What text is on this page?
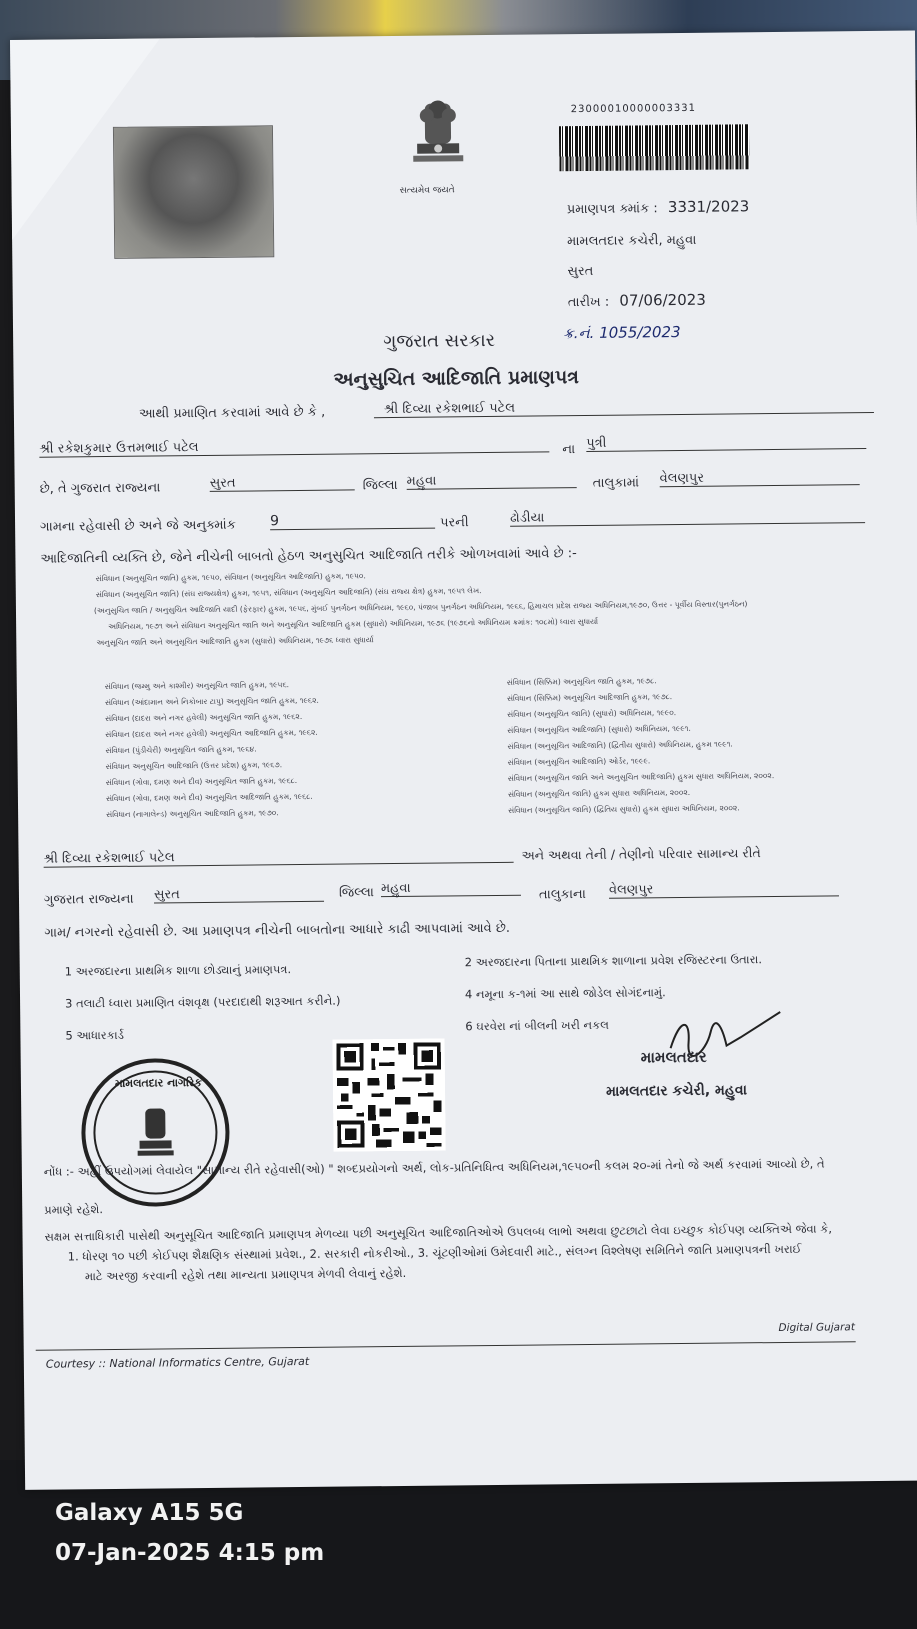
સત્યમેવ જયતે
23000010000003331
પ્રમાણપત્ર ક્માંક : 3331/2023
મામલતદાર કચેરી, મહુવા
સુરત
તારીખ : 07/06/2023
ક્ર.નં. 1055/2023
ગુજરાત સરકાર
અનુસુચિત આદિજાતિ પ્રમાણપત્ર
આથી પ્રમાણિત કરવામાં આવે છે કે ,	શ્રી દિવ્યા રકેશભાઈ પટેલ
શ્રી રકેશકુમાર ઉત્તમભાઈ પટેલ	ના પુત્રી
છે, તે ગુજરાત રાજ્યના	સુરત	જિલ્લા મહુવા	તાલુકામાં વેલણપુર
ગામના રહેવાસી છે અને જે અનુક્માંક 9	પરની	ઢોડીયા
આદિજાતિની વ્યક્તિ છે, જેને નીચેની બાબતો હેઠળ અનુસુચિત આદિજાતિ તરીકે ઓળખવામાં આવે છે :-
સંવિધાન (અનુસૂચિત જાતિ) હુકમ, ૧૯૫૦, સંવિધાન (અનુસૂચિત આદિજાતિ) હુકમ, ૧૯૫૦.
સંવિધાન (અનુસૂચિત જાતિ) (સંઘ રાજ્યક્ષેત્ર) હુકમ, ૧૯૫૧, સંવિધાન (અનુસૂચિત આદિજાતિ) (સંઘ રાજ્ય ક્ષેત્ર) હુકમ, ૧૯૫૧ લેખ.
(અનુસુચિત જાતિ / અનુસુચિત આદિજાતિ યાદી (ફેરફાર) હુકમ, ૧૯૫૬, મુંબઈ પુનર્ગઠન અધિનિયમ, ૧૯૬૦, પંજાબ પુનર્ગઠન અધિનિયમ, ૧૯૬૬, હિમાચલ પ્રદેશ રાજ્ય અધિનિયમ,૧૯૭૦, ઉત્તર - પૂર્વીય વિસ્તાર(પુનર્ગઠન)
અધિનિયમ, ૧૯૭૧ અને સંવિધાન અનુસૂચિત જાતિ અને અનુસૂચિત આદિજાતિ હુકમ (સુધારો) અધિનિયમ, ૧૯૭૬ (૧૯૭૬નો અધિનિયમ ક્રમાંક: ૧૦૮મો) ધ્વારા સુધાર્યા
અનુસૂચિત જાતિ અને અનુસૂચિત આદિજાતિ હુકમ (સુધારો) અધિનિયમ, ૧૯૭૬ ધ્વારા સુધાર્યા
સંવિધાન (જમ્મુ અને કાશ્મીર) અનુસૂચિત જાતિ હુકમ, ૧૯૫૬.
સંવિધાન (આંદામાન અને નિકોબાર ટાપુ) અનુસૂચિત જાતિ હુકમ, ૧૯૬૨.
સંવિધાન (દાદરા અને નગર હવેલી) અનુસૂચિત જાતિ હુકમ, ૧૯૬૨.
સંવિધાન (દાદરા અને નગર હવેલી) અનુસૂચિત આદિજાતિ હુકમ, ૧૯૬૨.
સંવિધાન (પુંડીચેરી) અનુસૂચિત જાતિ હુકમ, ૧૯૬૪.
સંવિધાન અનુસૂચિત આદિજાતિ (ઉત્તર પ્રદેશ) હુકમ, ૧૯૬૭.
સંવિધાન (ગોવા, દમણ અને દીવ) અનુસૂચિત જાતિ હુકમ, ૧૯૬૮.
સંવિધાન (ગોવા, દમણ અને દીવ) અનુસૂચિત આદિજાતિ હુકમ, ૧૯૬૮.
સંવિધાન (નાગાલેન્ડ) અનુસૂચિત આદિજાતિ હુકમ, ૧૯૭૦.
સંવિધાન (સિક્કિમ) અનુસૂચિત જાતિ હુકમ, ૧૯૭૮.
સંવિધાન (સિક્કિમ) અનુસૂચિત આદિજાતિ હુકમ, ૧૯૭૮.
સંવિધાન (અનુસૂચિત જાતિ) (સુધારો) અધિનિયમ, ૧૯૯૦.
સંવિધાન (અનુસૂચિત આદિજાતિ) (સુધારો) અધિનિયમ, ૧૯૯૧.
સંવિધાન (અનુસૂચિત આદિજાતિ) (દ્વિતીય સુધારો) અધિનિયમ, હુકમ ૧૯૯૧.
સંવિધાન (અનુસૂચિત આદિજાતિ) ઓર્ડર, ૧૯૯૯.
સંવિધાન (અનુસૂચિત જાતિ અને અનુસૂચિત આદિજાતિ) હુકમ સુધારા અધિનિયમ, ૨૦૦૨.
સંવિધાન (અનુસૂચિત જાતિ) હુકમ સુધારા અધિનિયમ, ૨૦૦૨.
સંવિધાન (અનુસૂચિત જાતિ) (દ્વિતિય સુધારો) હુકમ સુધારા અધિનિયમ, ૨૦૦૨.
શ્રી દિવ્યા રકેશભાઈ પટેલ	અને અથવા તેની / તેણીનો પરિવાર સામાન્ય રીતે
ગુજરાત રાજ્યના સુરત	જિલ્લા મહુવા	તાલુકાના વેલણપુર
ગામ/ નગરનો રહેવાસી છે. આ પ્રમાણપત્ર નીચેની બાબતોના આધારે કાઢી આપવામાં આવે છે.
1 અરજદારના પ્રાથમિક શાળા છોડ્યાનું પ્રમાણપત્ર.
2 અરજદારના પિતાના પ્રાથમિક શાળાના પ્રવેશ રજિસ્ટરના ઉતારા.
3 તલાટી ધ્વારા પ્રમાણિત વંશવૃક્ષ (પરદાદાથી શરૂઆત કરીને.)
4 નમૂના ક-૧માં આ સાથે જોડેલ સોગંદનામું.
5 આધારકાર્ડ
6 ઘરવેરા નાં બીલની ખરી નકલ
મામલતદાર
મામલતદાર કચેરી, મહુવા
મામલતદાર નાગરિક
નોંધ :- અહીં ઉપયોગમાં લેવાયેલ "સામાન્ય રીતે રહેવાસી(ઓ) " શબ્દપ્રયોગનો અર્થ, લોક-પ્રતિનિધિત્વ અધિનિયમ,૧૯૫૦ની કલમ ૨૦-માં તેનો જે અર્થ કરવામાં આવ્યો છે, તે
પ્રમાણે રહેશે.
સક્ષમ સત્તાધિકારી પાસેથી અનુસૂચિત આદિજાતિ પ્રમાણપત્ર મેળવ્યા પછી અનુસૂચિત આદિજાતિઓએ ઉપલબ્ધ લાભો અથવા છુટછાટો લેવા ઇચ્છુક કોઈપણ વ્યક્તિએ જેવા કે,
1. ધોરણ ૧૦ પછી કોઈપણ શૈક્ષણિક સંસ્થામાં પ્રવેશ., 2. સરકારી નોકરીઓ., 3. ચૂંટણીઓમાં ઉમેદવારી માટે., સંલગ્ન વિશ્લેષણ સમિતિને જાતિ પ્રમાણપત્રની ખરાઈ
માટે અરજી કરવાની રહેશે તથા માન્યતા પ્રમાણપત્ર મેળવી લેવાનું રહેશે.
Digital Gujarat
Courtesy :: National Informatics Centre, Gujarat
Galaxy A15 5G
07-Jan-2025 4:15 pm
